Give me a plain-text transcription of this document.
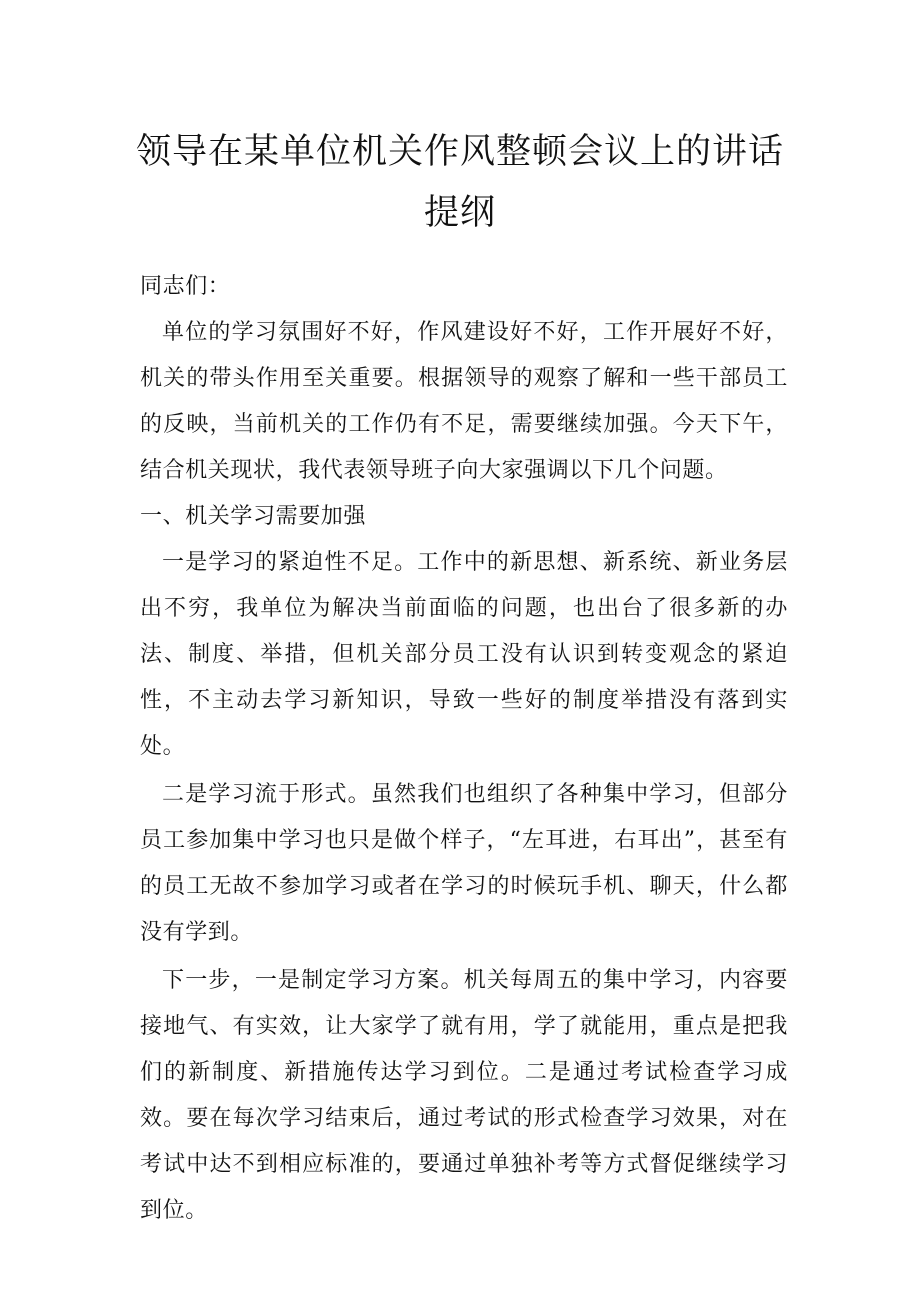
领导在某单位机关作风整顿会议上的讲话
提纲

同志们：

单位的学习氛围好不好，作风建设好不好，工作开展好不好，机关的带头作用至关重要。根据领导的观察了解和一些干部员工的反映，当前机关的工作仍有不足，需要继续加强。今天下午，结合机关现状，我代表领导班子向大家强调以下几个问题。

一、机关学习需要加强

一是学习的紧迫性不足。工作中的新思想、新系统、新业务层出不穷，我单位为解决当前面临的问题，也出台了很多新的办法、制度、举措，但机关部分员工没有认识到转变观念的紧迫性，不主动去学习新知识，导致一些好的制度举措没有落到实处。

二是学习流于形式。虽然我们也组织了各种集中学习，但部分员工参加集中学习也只是做个样子，“左耳进，右耳出”，甚至有的员工无故不参加学习或者在学习的时候玩手机、聊天，什么都没有学到。

下一步，一是制定学习方案。机关每周五的集中学习，内容要接地气、有实效，让大家学了就有用，学了就能用，重点是把我们的新制度、新措施传达学习到位。二是通过考试检查学习成效。要在每次学习结束后，通过考试的形式检查学习效果，对在考试中达不到相应标准的，要通过单独补考等方式督促继续学习到位。
